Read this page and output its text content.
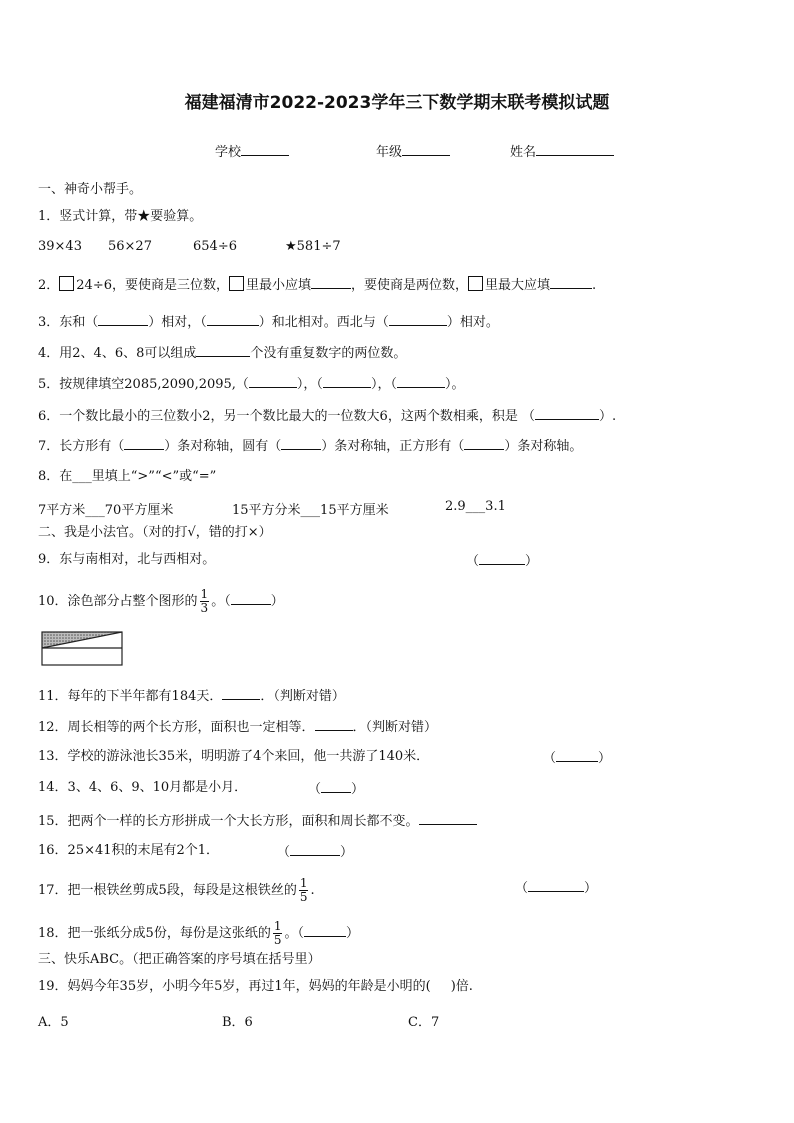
福建福清市2022-2023学年三下数学期末联考模拟试题
学校	年级	姓名
一、神奇小帮手。
1．竖式计算，带★要验算。
39×43 56×27	654÷6	★581÷7
2． 24÷6，要使商是三位数， 里最小应填	，要使商是两位数， 里最大应填	.
3．东和（	）相对，（	）和北相对。西北与（	）相对。
4．用2、4、6、8可以组成	个没有重复数字的两位数。
5．按规律填空2085,2090,2095,（	），（	），（	）。
6．一个数比最小的三位数小2，另一个数比最大的一位数大6，这两个数相乘，积是 （	）.
7．长方形有（	）条对称轴，圆有（	）条对称轴，正方形有（	）条对称轴。
8．在___里填上“>”“<”或“=”
7平方米___70平方厘米	15平方分米___15平方厘米	2.9___3.1
二、我是小法官。（对的打√，错的打×）
9．东与南相对，北与西相对。	（	）
10．涂色部分占整个图形的 $\frac{1}{3}$ 。（	）
11．每年的下半年都有184天．	．（判断对错）
12．周长相等的两个长方形，面积也一定相等．	．（判断对错）
13．学校的游泳池长35米，明明游了4个来回，他一共游了140米．	（	）
14．3、4、6、9、10月都是小月．	（ ）
15．把两个一样的长方形拼成一个大长方形，面积和周长都不变。
16．25×41积的末尾有2个1．	（	）
17．把一根铁丝剪成5段，每段是这根铁丝的 $\frac{1}{5}$ .	（	）
18．把一张纸分成5份，每份是这张纸的 $\frac{1}{5}$ 。（	）
三、快乐ABC。（把正确答案的序号填在括号里）
19．妈妈今年35岁，小明今年5岁，再过1年，妈妈的年龄是小明的( )倍.
A．5	B．6	C．7
